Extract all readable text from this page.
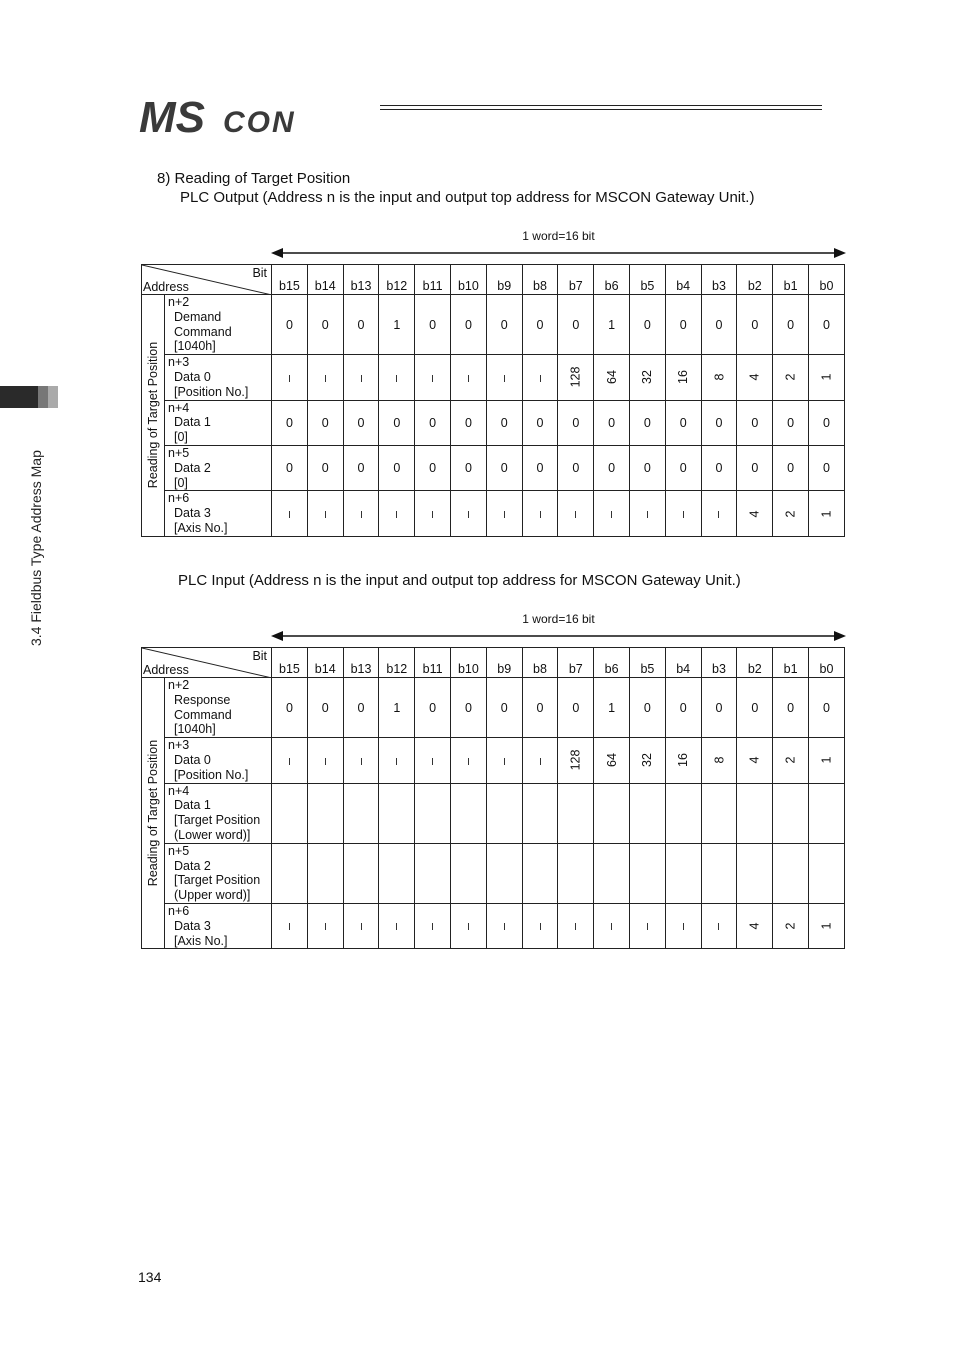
MS CON
3.4 Fieldbus Type Address Map
8) Reading of Target Position
PLC Output (Address n is the input and output top address for MSCON Gateway Unit.)
1 word=16 bit
Bit
Address		b15	b14	b13	b12	b11	b10	b9	b8	b7	b6	b5	b4	b3	b2	b1	b0

Reading of Target Position	n+2
Demand
Command
[1040h]	0	0	0	1	0	0	0	0	0	1	0	0	0	0	0	0

	n+3
Data 0
[Position No.]									128	64	32	16	8	4	2	1

	n+4
Data 1
[0]	0	0	0	0	0	0	0	0	0	0	0	0	0	0	0	0

	n+5
Data 2
[0]	0	0	0	0	0	0	0	0	0	0	0	0	0	0	0	0

	n+6
Data 3
[Axis No.]														4	2	1
PLC Input (Address n is the input and output top address for MSCON Gateway Unit.)
1 word=16 bit
Bit
Address		b15	b14	b13	b12	b11	b10	b9	b8	b7	b6	b5	b4	b3	b2	b1	b0

Reading of Target Position	n+2
Response
Command
[1040h]	0	0	0	1	0	0	0	0	0	1	0	0	0	0	0	0

	n+3
Data 0
[Position No.]									128	64	32	16	8	4	2	1

	n+4
Data 1
[Target Position
(Lower word)]																

	n+5
Data 2
[Target Position
(Upper word)]																

	n+6
Data 3
[Axis No.]														4	2	1
134
